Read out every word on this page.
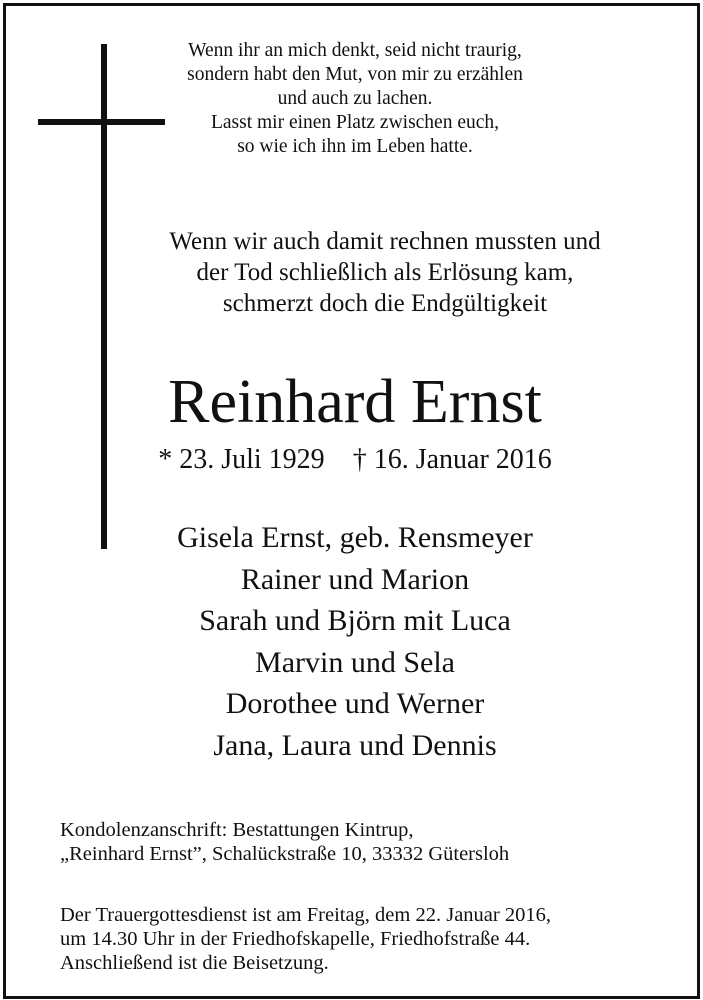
Wenn ihr an mich denkt, seid nicht traurig,
sondern habt den Mut, von mir zu erzählen
und auch zu lachen.
Lasst mir einen Platz zwischen euch,
so wie ich ihn im Leben hatte.
Wenn wir auch damit rechnen mussten und
der Tod schließlich als Erlösung kam,
schmerzt doch die Endgültigkeit
Reinhard Ernst
* 23. Juli 1929 † 16. Januar 2016
Gisela Ernst, geb. Rensmeyer
Rainer und Marion
Sarah und Björn mit Luca
Marvin und Sela
Dorothee und Werner
Jana, Laura und Dennis
Kondolenzanschrift: Bestattungen Kintrup,
„Reinhard Ernst”, Schalückstraße 10, 33332 Gütersloh
Der Trauergottesdienst ist am Freitag, dem 22. Januar 2016,
um 14.30 Uhr in der Friedhofskapelle, Friedhofstraße 44.
Anschließend ist die Beisetzung.
